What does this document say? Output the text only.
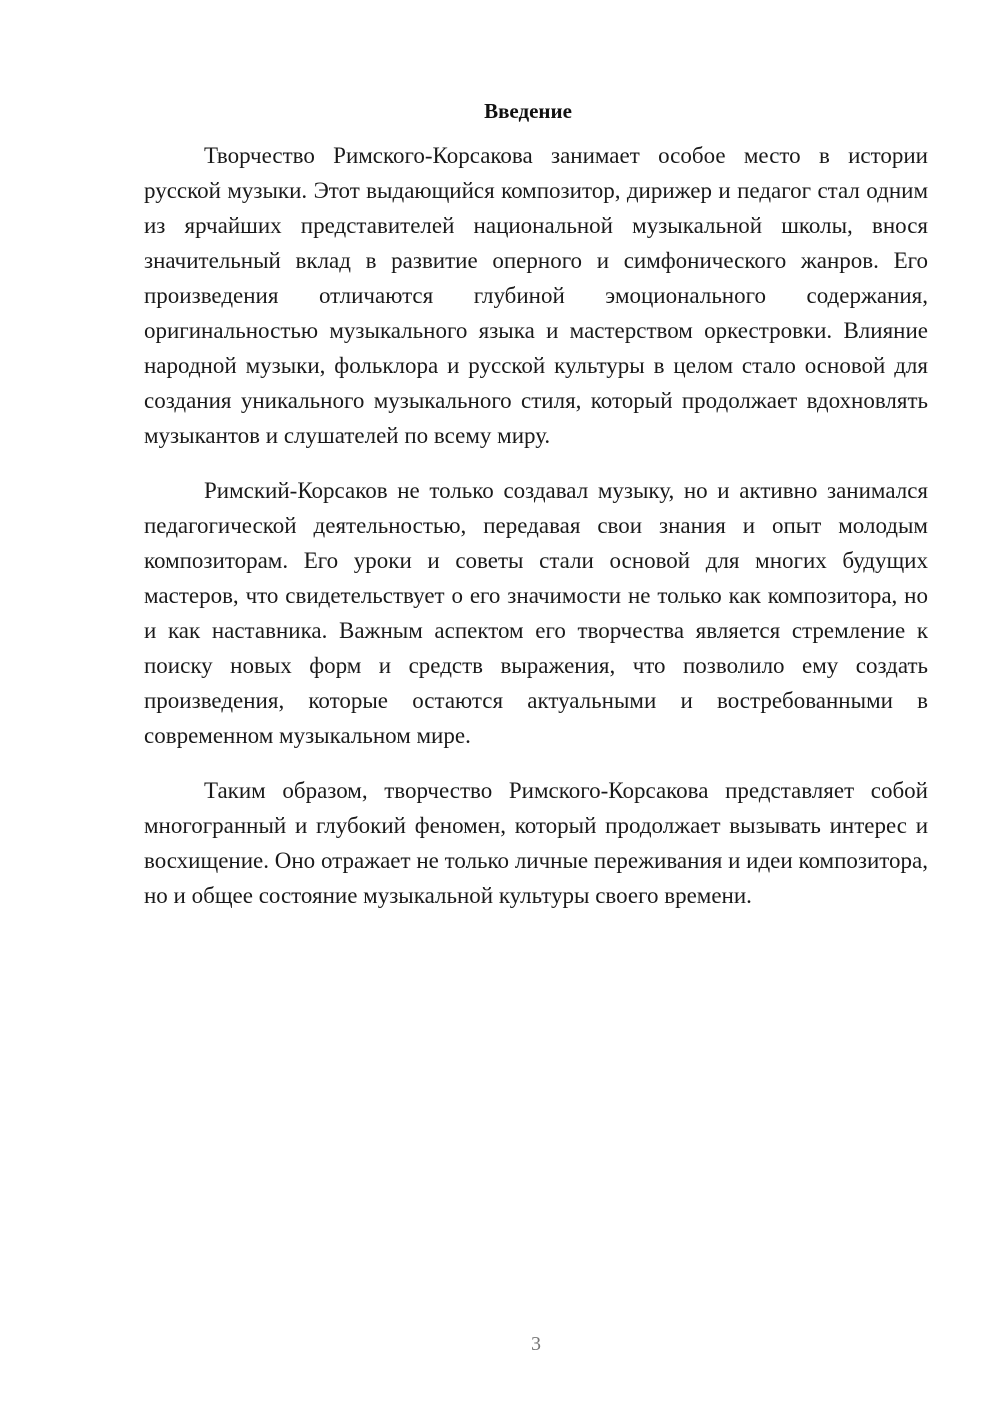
Введение

Творчество Римского-Корсакова занимает особое место в истории русской музыки. Этот выдающийся композитор, дирижер и педагог стал одним из ярчайших представителей национальной музыкальной школы, внося значительный вклад в развитие оперного и симфонического жанров. Его произведения отличаются глубиной эмоционального содержания, оригинальностью музыкального языка и мастерством оркестровки. Влияние народной музыки, фольклора и русской культуры в целом стало основой для создания уникального музыкального стиля, который продолжает вдохновлять музыкантов и слушателей по всему миру.

Римский-Корсаков не только создавал музыку, но и активно занимался педагогической деятельностью, передавая свои знания и опыт молодым композиторам. Его уроки и советы стали основой для многих будущих мастеров, что свидетельствует о его значимости не только как композитора, но и как наставника. Важным аспектом его творчества является стремление к поиску новых форм и средств выражения, что позволило ему создать произведения, которые остаются актуальными и востребованными в современном музыкальном мире.

Таким образом, творчество Римского-Корсакова представляет собой многогранный и глубокий феномен, который продолжает вызывать интерес и восхищение. Оно отражает не только личные переживания и идеи композитора, но и общее состояние музыкальной культуры своего времени.

3
